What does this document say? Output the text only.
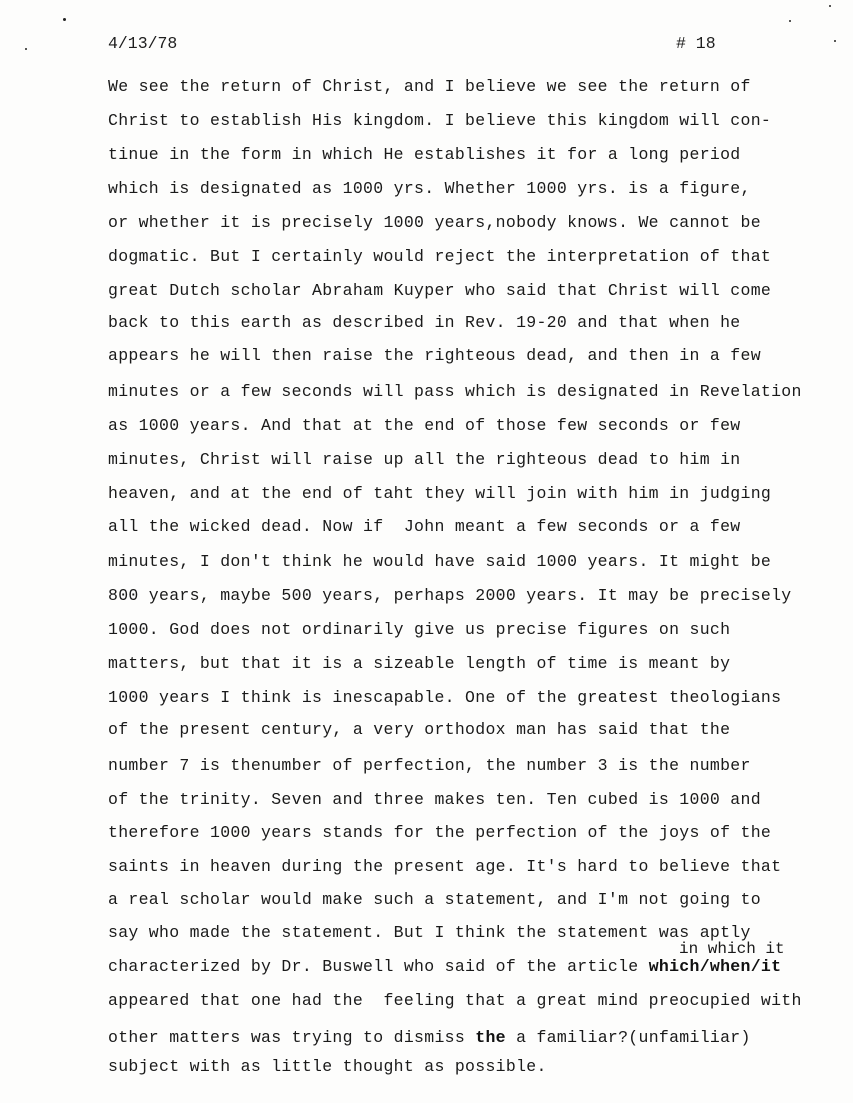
4/13/78	# 18
We see the return of Christ, and I believe we see the return of
Christ to establish His kingdom. I believe this kingdom will con-
tinue in the form in which He establishes it for a long period
which is designated as 1000 yrs. Whether 1000 yrs. is a figure,
or whether it is precisely 1000 years,nobody knows. We cannot be
dogmatic. But I certainly would reject the interpretation of that
great Dutch scholar Abraham Kuyper who said that Christ will come
back to this earth as described in Rev. 19-20 and that when he
appears he will then raise the righteous dead, and then in a few
minutes or a few seconds will pass which is designated in Revelation
as 1000 years. And that at the end of those few seconds or few
minutes, Christ will raise up all the righteous dead to him in
heaven, and at the end of taht they will join with him in judging
all the wicked dead. Now if  John meant a few seconds or a few
minutes, I don't think he would have said 1000 years. It might be
800 years, maybe 500 years, perhaps 2000 years. It may be precisely
1000. God does not ordinarily give us precise figures on such
matters, but that it is a sizeable length of time is meant by
1000 years I think is inescapable. One of the greatest theologians
of the present century, a very orthodox man has said that the
number 7 is thenumber of perfection, the number 3 is the number
of the trinity. Seven and three makes ten. Ten cubed is 1000 and
therefore 1000 years stands for the perfection of the joys of the
saints in heaven during the present age. It's hard to believe that
a real scholar would make such a statement, and I'm not going to
say who made the statement. But I think the statement was aptly
in which it
characterized by Dr. Buswell who said of the article which/when/it
appeared that one had the  feeling that a great mind preocupied with
other matters was trying to dismiss the a familiar?(unfamiliar)
subject with as little thought as possible.
